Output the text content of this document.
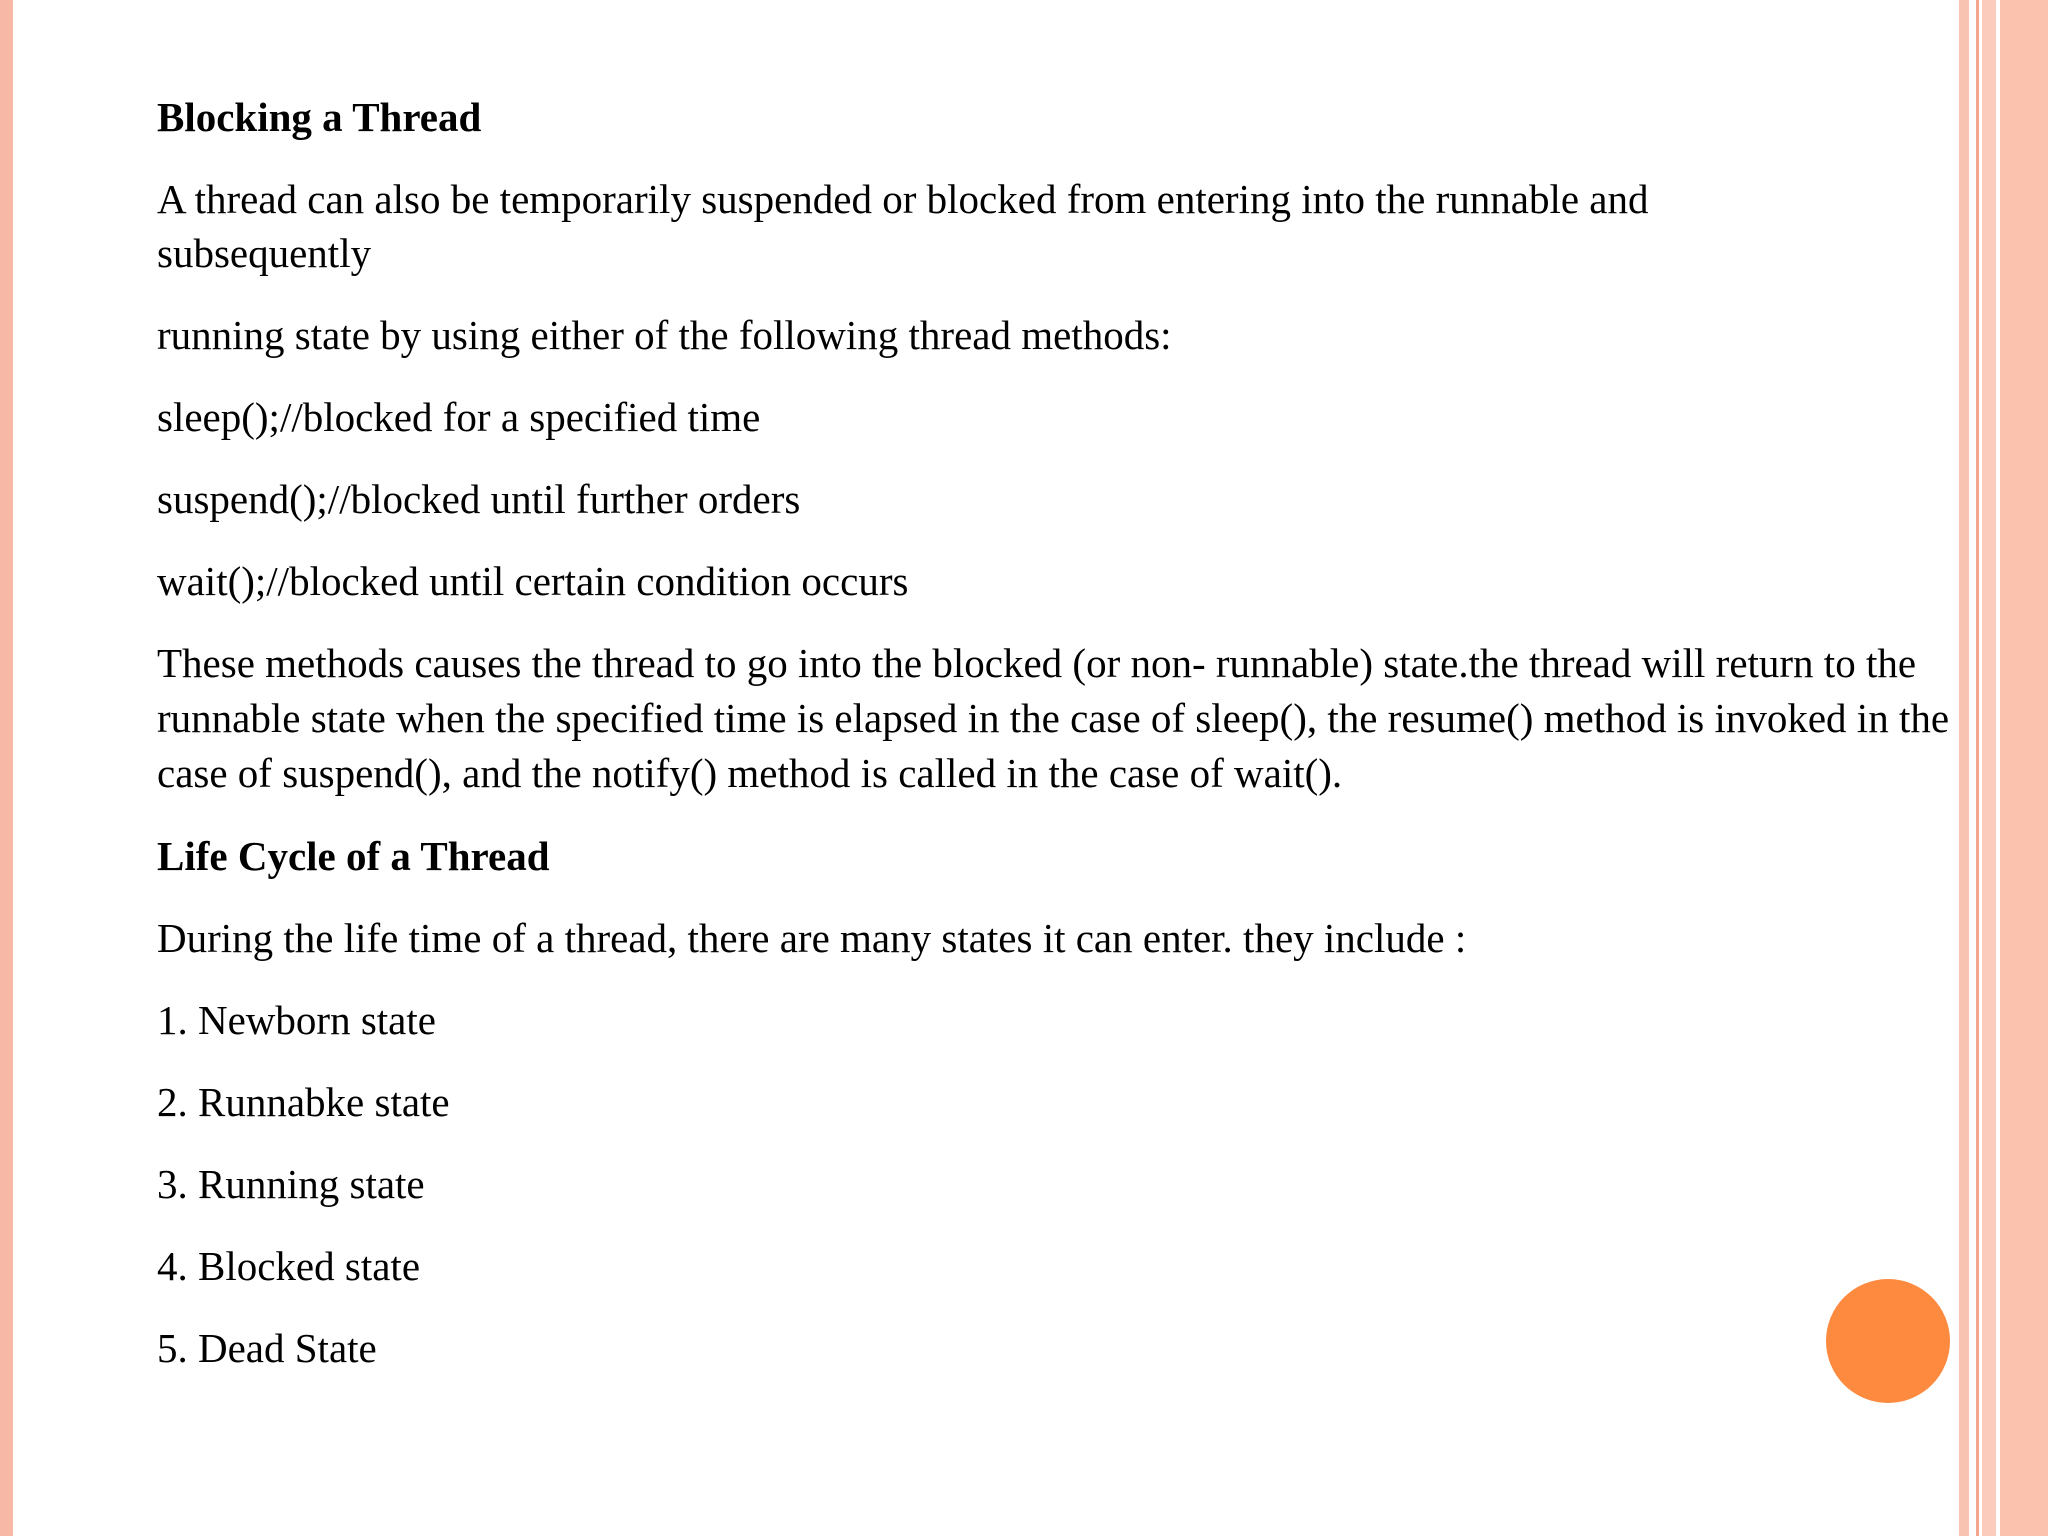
Blocking a Thread

A thread can also be temporarily suspended or blocked from entering into the runnable and subsequently

running state by using either of the following thread methods:

sleep();//blocked for a specified time

suspend();//blocked until further orders

wait();//blocked until certain condition occurs

These methods causes the thread to go into the blocked (or non- runnable) state.the thread will return to the runnable state when the specified time is elapsed in the case of sleep(), the resume() method is invoked in the case of suspend(), and the notify() method is called in the case of wait().

Life Cycle of a Thread

During the life time of a thread, there are many states it can enter. they include :

1. Newborn state

2. Runnabke state

3. Running state

4. Blocked state

5. Dead State
